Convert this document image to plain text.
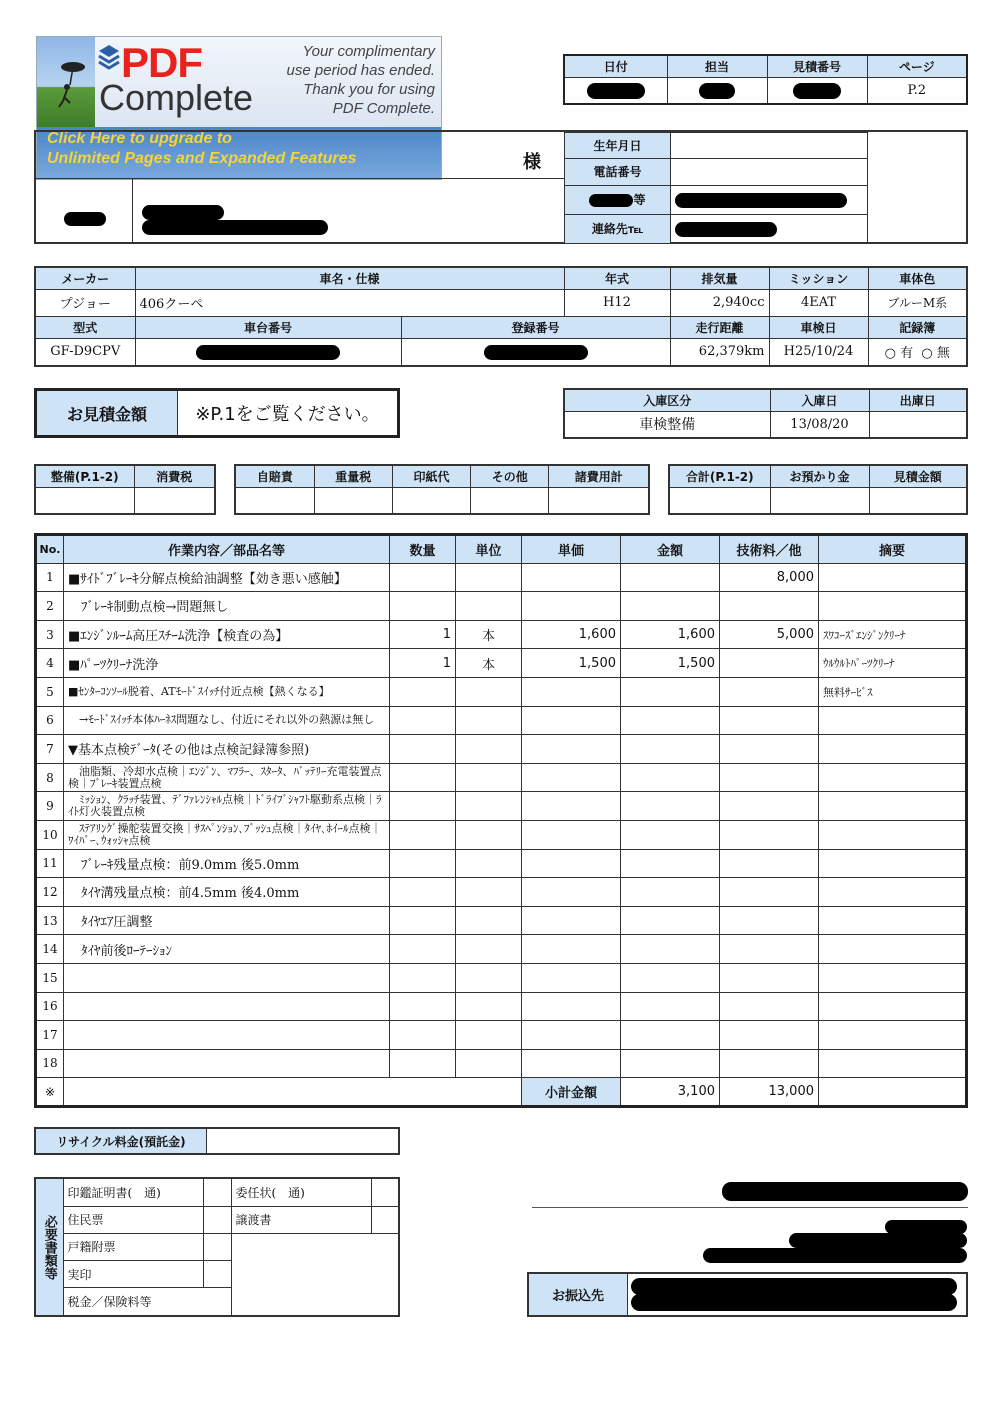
PDF
Complete
Your complimentary
use period has ended.
Thank you for using
PDF Complete.
Click Here to upgrade to
Unlimited Pages and Expanded Features
日付	担当	見積番号	ページ
			P.2
様
生年月日	
電話番号	
等	
連絡先℡	
メーカー	車名・仕様		年式	排気量	ミッション	車体色
プジョー	406クーペ		H12	2,940cc	4EAT	ブルーM系
型式	車台番号	登録番号		走行距離	車検日	記録簿
GF-D9CPV				62,379km	H25/10/24	○ 有  ○ 無
お見積金額	※P.1をご覧ください。
入庫区分	入庫日	出庫日
車検整備	13/08/20	
整備(P.1-2)	消費税
		自賠責	重量税	印紙代	その他	諸費用計
					合計(P.1-2)	お預かり金	見積金額

No.	作業内容／部品名等	数量	単位	単価	金額	技術料／他	摘要
1	■ｻｲﾄﾞﾌﾞﾚｰｷ分解点検給油調整【効き悪い感触】					8,000	
2	　ﾌﾞﾚｰｷ制動点検→問題無し						
3	■ｴﾝｼﾞﾝﾙｰﾑ高圧ｽﾁｰﾑ洗浄【検査の為】	1	本	1,600	1,600	5,000	ｽﾜｺｰｽﾞｴﾝｼﾞﾝｸﾘｰﾅ
4	■ﾊﾟｰﾂｸﾘｰﾅ洗浄	1	本	1,500	1,500		ｳﾙｳﾙﾄﾊﾟｰﾂｸﾘｰﾅ
5	■ｾﾝﾀｰｺﾝｿｰﾙ脱着、ATﾓｰﾄﾞｽｲｯﾁ付近点検【熱くなる】						無料ｻｰﾋﾞｽ
6	　→ﾓｰﾄﾞｽｲｯﾁ本体ﾊｰﾈｽ問題なし、付近にそれ以外の熱源は無し						
7	▼基本点検ﾃﾞｰﾀ(その他は点検記録簿参照)						
8	　油脂類、冷却水点検｜ｴﾝｼﾞﾝ、ﾏﾌﾗｰ、ｽﾀｰﾀ、ﾊﾞｯﾃﾘｰ充電装置点検｜ﾌﾞﾚｰｷ装置点検						
9	　ﾐｯｼｮﾝ、ｸﾗｯﾁ装置、ﾃﾞﾌｧﾚﾝｼｬﾙ点検｜ﾄﾞﾗｲﾌﾞｼｬﾌﾄ駆動系点検｜ﾗｲﾄ灯火装置点検						
10	　ｽﾃｱﾘﾝｸﾞ操舵装置交換｜ｻｽﾍﾟﾝｼｮﾝ､ﾌﾞｯｼｭ点検｜ﾀｲﾔ､ﾎｲｰﾙ点検｜ﾜｲﾊﾟｰ､ｳｫｯｼｬ点検						
11	　ﾌﾞﾚｰｷ残量点検：前9.0mm 後5.0mm						
12	　ﾀｲﾔ溝残量点検：前4.5mm 後4.0mm						
13	　ﾀｲﾔｴｱ圧調整						
14	　ﾀｲﾔ前後ﾛｰﾃｰｼｮﾝ						
15							
16							
17							
18							
※				小計金額	3,100	13,000	
リサイクル料金(預託金)
必要書類等	印鑑証明書(　通)		委任状(　通)	
	住民票		譲渡書	
	戸籍附票			
	実印			
	税金／保険料等				お振込先
